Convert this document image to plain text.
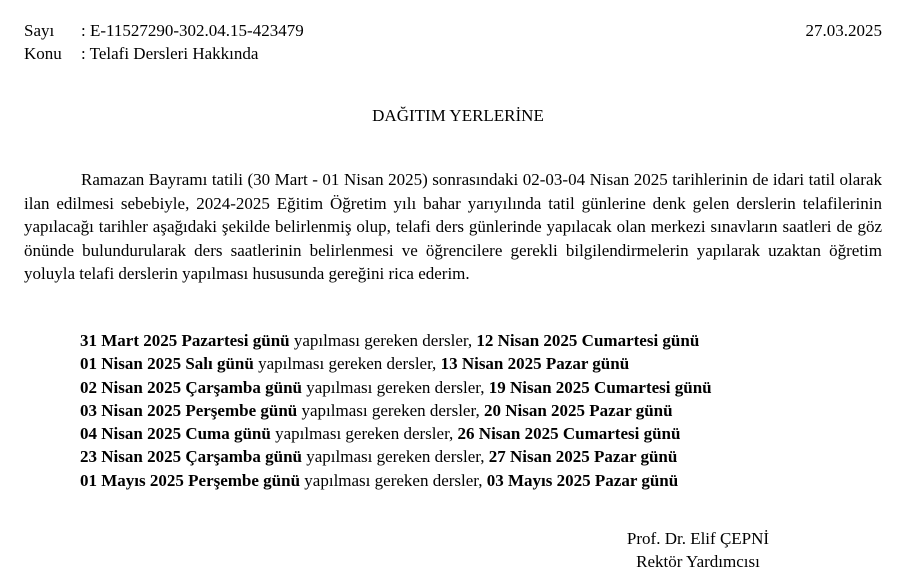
Sayı : E-11527290-302.04.15-423479
Konu : Telafi Dersleri Hakkında
27.03.2025
DAĞITIM YERLERİNE

Ramazan Bayramı tatili (30 Mart - 01 Nisan 2025) sonrasındaki 02-03-04 Nisan 2025 tarihlerinin de idari tatil olarak ilan edilmesi sebebiyle, 2024-2025 Eğitim Öğretim yılı bahar yarıyılında tatil günlerine denk gelen derslerin telafilerinin yapılacağı tarihler aşağıdaki şekilde belirlenmiş olup, telafi ders günlerinde yapılacak olan merkezi sınavların saatleri de göz önünde bulundurularak ders saatlerinin belirlenmesi ve öğrencilere gerekli bilgilendirmelerin yapılarak uzaktan öğretim yoluyla telafi derslerin yapılması hususunda gereğini rica ederim.

31 Mart 2025 Pazartesi günü yapılması gereken dersler, 12 Nisan 2025 Cumartesi günü
01 Nisan 2025 Salı günü yapılması gereken dersler, 13 Nisan 2025 Pazar günü
02 Nisan 2025 Çarşamba günü yapılması gereken dersler, 19 Nisan 2025 Cumartesi günü
03 Nisan 2025 Perşembe günü yapılması gereken dersler, 20 Nisan 2025 Pazar günü
04 Nisan 2025 Cuma günü yapılması gereken dersler, 26 Nisan 2025 Cumartesi günü
23 Nisan 2025 Çarşamba günü yapılması gereken dersler, 27 Nisan 2025 Pazar günü
01 Mayıs 2025 Perşembe günü yapılması gereken dersler, 03 Mayıs 2025 Pazar günü
Prof. Dr. Elif ÇEPNİ
Rektör Yardımcısı
